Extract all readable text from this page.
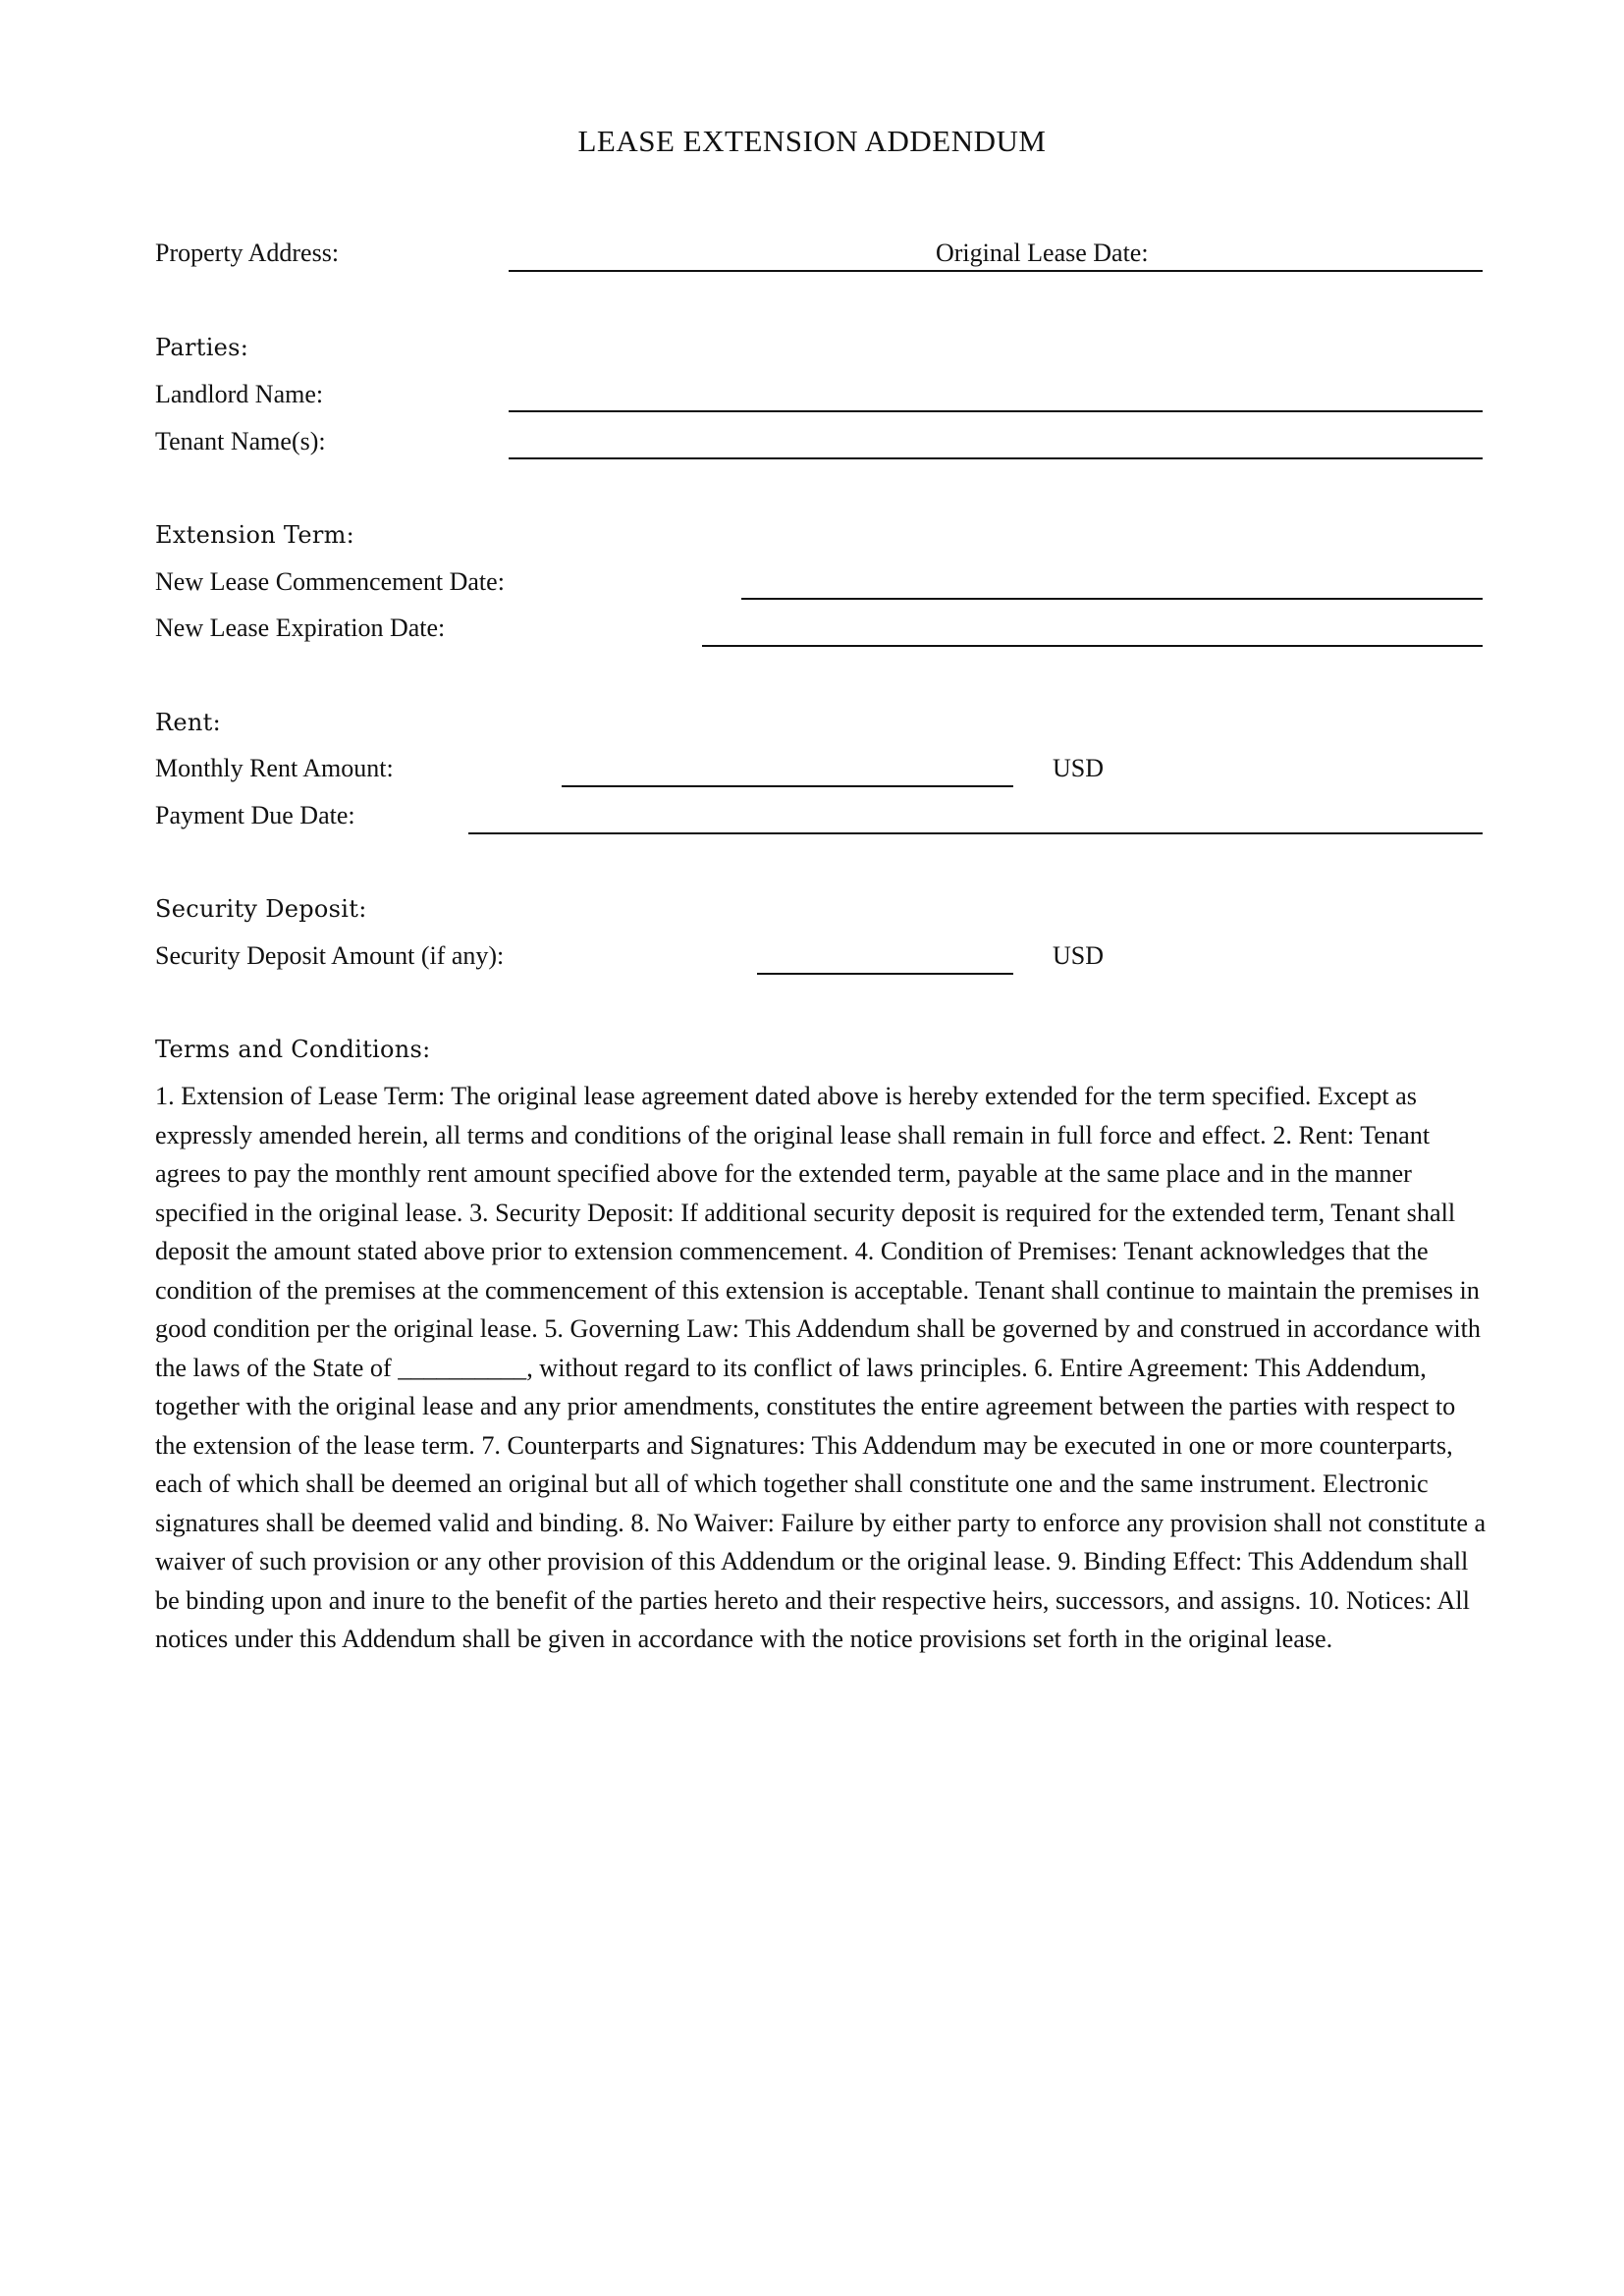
LEASE EXTENSION ADDENDUM
Property Address:	Original Lease Date:
Parties:
Landlord Name:
Tenant Name(s):
Extension Term:
New Lease Commencement Date:
New Lease Expiration Date:
Rent:
Monthly Rent Amount:	USD
Payment Due Date:
Security Deposit:
Security Deposit Amount (if any):	USD
Terms and Conditions:
1. Extension of Lease Term: The original lease agreement dated above is hereby extended for the term specified. Except as expressly amended herein, all terms and conditions of the original lease shall remain in full force and effect. 2. Rent: Tenant agrees to pay the monthly rent amount specified above for the extended term, payable at the same place and in the manner specified in the original lease. 3. Security Deposit: If additional security deposit is required for the extended term, Tenant shall deposit the amount stated above prior to extension commencement. 4. Condition of Premises: Tenant acknowledges that the condition of the premises at the commencement of this extension is acceptable. Tenant shall continue to maintain the premises in good condition per the original lease. 5. Governing Law: This Addendum shall be governed by and construed in accordance with the laws of the State of __________, without regard to its conflict of laws principles. 6. Entire Agreement: This Addendum, together with the original lease and any prior amendments, constitutes the entire agreement between the parties with respect to the extension of the lease term. 7. Counterparts and Signatures: This Addendum may be executed in one or more counterparts, each of which shall be deemed an original but all of which together shall constitute one and the same instrument. Electronic signatures shall be deemed valid and binding. 8. No Waiver: Failure by either party to enforce any provision shall not constitute a waiver of such provision or any other provision of this Addendum or the original lease. 9. Binding Effect: This Addendum shall be binding upon and inure to the benefit of the parties hereto and their respective heirs, successors, and assigns. 10. Notices: All notices under this Addendum shall be given in accordance with the notice provisions set forth in the original lease.
